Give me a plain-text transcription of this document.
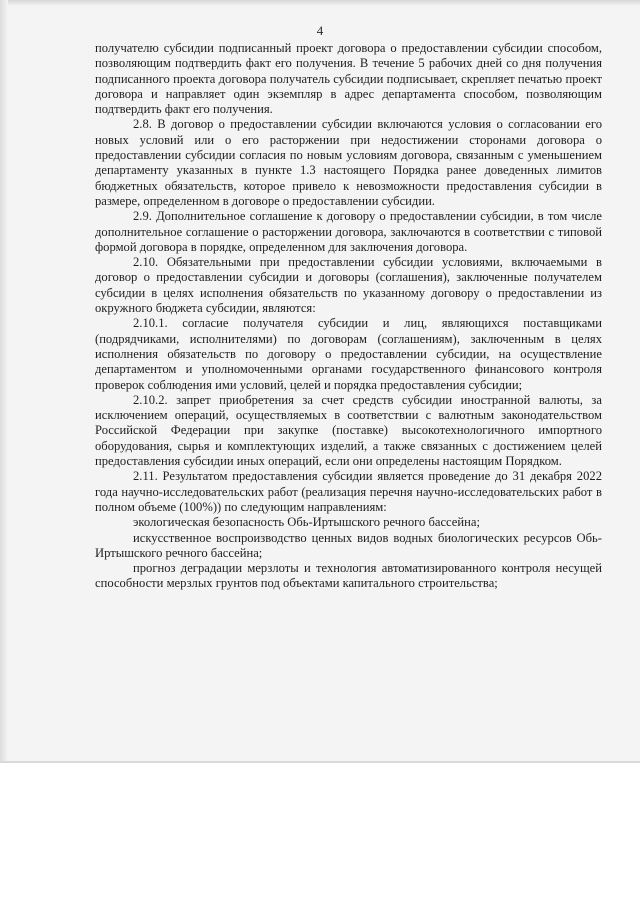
4

получателю субсидии подписанный проект договора о предоставлении субсидии способом, позволяющим подтвердить факт его получения. В течение 5 рабочих дней со дня получения подписанного проекта договора получатель субсидии подписывает, скрепляет печатью проект договора и направляет один экземпляр в адрес департамента способом, позволяющим подтвердить факт его получения.

2.8. В договор о предоставлении субсидии включаются условия о согласовании его новых условий или о его расторжении при недостижении сторонами договора о предоставлении субсидии согласия по новым условиям договора, связанным с уменьшением департаменту указанных в пункте 1.3 настоящего Порядка ранее доведенных лимитов бюджетных обязательств, которое привело к невозможности предоставления субсидии в размере, определенном в договоре о предоставлении субсидии.

2.9. Дополнительное соглашение к договору о предоставлении субсидии, в том числе дополнительное соглашение о расторжении договора, заключаются в соответствии с типовой формой договора в порядке, определенном для заключения договора.

2.10. Обязательными при предоставлении субсидии условиями, включаемыми в договор о предоставлении субсидии и договоры (соглашения), заключенные получателем субсидии в целях исполнения обязательств по указанному договору о предоставлении из окружного бюджета субсидии, являются:

2.10.1. согласие получателя субсидии и лиц, являющихся поставщиками (подрядчиками, исполнителями) по договорам (соглашениям), заключенным в целях исполнения обязательств по договору о предоставлении субсидии, на осуществление департаментом и уполномоченными органами государственного финансового контроля проверок соблюдения ими условий, целей и порядка предоставления субсидии;

2.10.2. запрет приобретения за счет средств субсидии иностранной валюты, за исключением операций, осуществляемых в соответствии с валютным законодательством Российской Федерации при закупке (поставке) высокотехнологичного импортного оборудования, сырья и комплектующих изделий, а также связанных с достижением целей предоставления субсидии иных операций, если они определены настоящим Порядком.

2.11. Результатом предоставления субсидии является проведение до 31 декабря 2022 года научно-исследовательских работ (реализация перечня научно-исследовательских работ в полном объеме (100%)) по следующим направлениям:

экологическая безопасность Обь-Иртышского речного бассейна;

искусственное воспроизводство ценных видов водных биологических ресурсов Обь-Иртышского речного бассейна;

прогноз деградации мерзлоты и технология автоматизированного контроля несущей способности мерзлых грунтов под объектами капитального строительства;
